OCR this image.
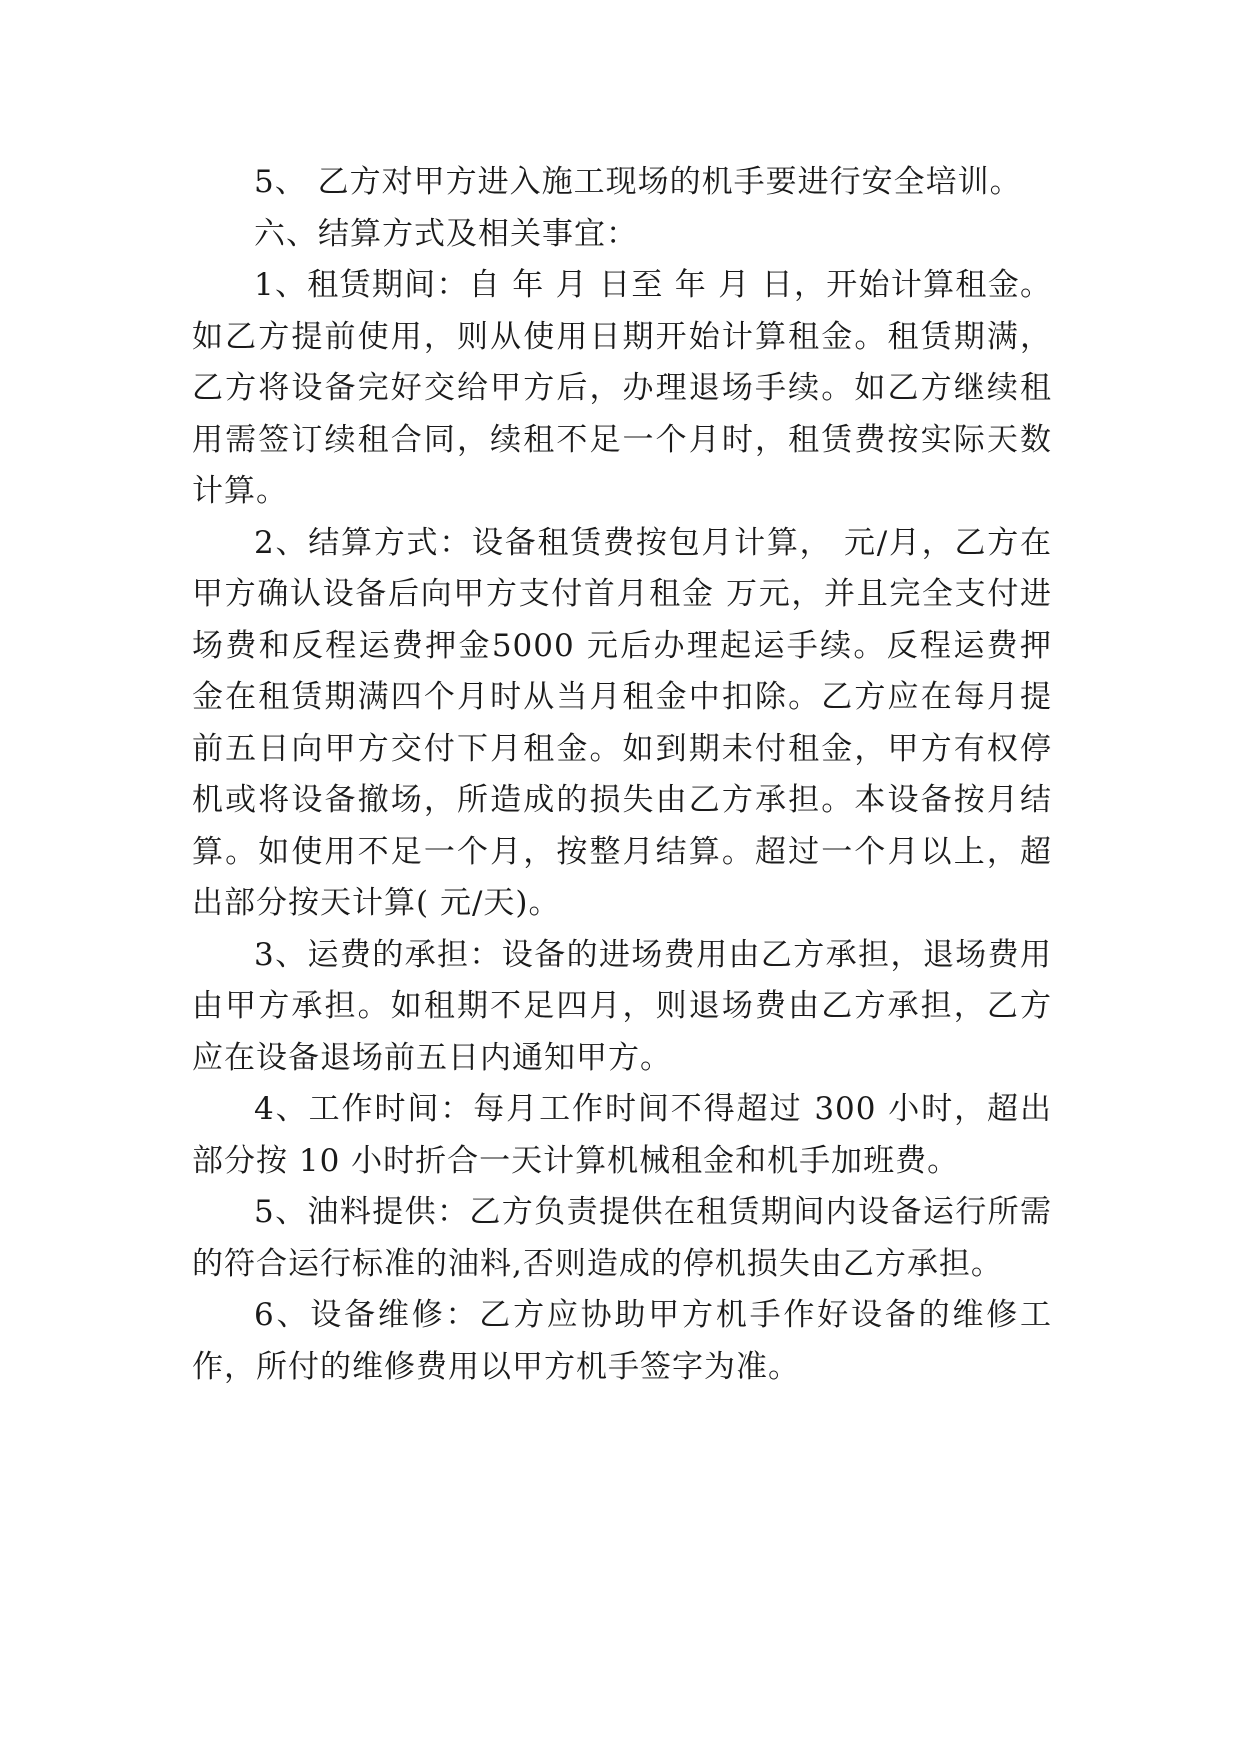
5、 乙方对甲方进入施工现场的机手要进行安全培训。

六、结算方式及相关事宜：

1、租赁期间：自 年 月 日至 年 月 日，开始计算租金。如乙方提前使用，则从使用日期开始计算租金。租赁期满，乙方将设备完好交给甲方后，办理退场手续。如乙方继续租用需签订续租合同，续租不足一个月时，租赁费按实际天数计算。

2、结算方式：设备租赁费按包月计算， 元/月，乙方在甲方确认设备后向甲方支付首月租金 万元，并且完全支付进场费和反程运费押金5000 元后办理起运手续。反程运费押金在租赁期满四个月时从当月租金中扣除。乙方应在每月提前五日向甲方交付下月租金。如到期未付租金，甲方有权停机或将设备撤场，所造成的损失由乙方承担。本设备按月结算。如使用不足一个月，按整月结算。超过一个月以上，超出部分按天计算( 元/天)。

3、运费的承担：设备的进场费用由乙方承担，退场费用由甲方承担。如租期不足四月，则退场费由乙方承担，乙方应在设备退场前五日内通知甲方。

4、工作时间：每月工作时间不得超过 300 小时，超出部分按 10 小时折合一天计算机械租金和机手加班费。

5、油料提供：乙方负责提供在租赁期间内设备运行所需的符合运行标准的油料,否则造成的停机损失由乙方承担。

6、设备维修：乙方应协助甲方机手作好设备的维修工作，所付的维修费用以甲方机手签字为准。
